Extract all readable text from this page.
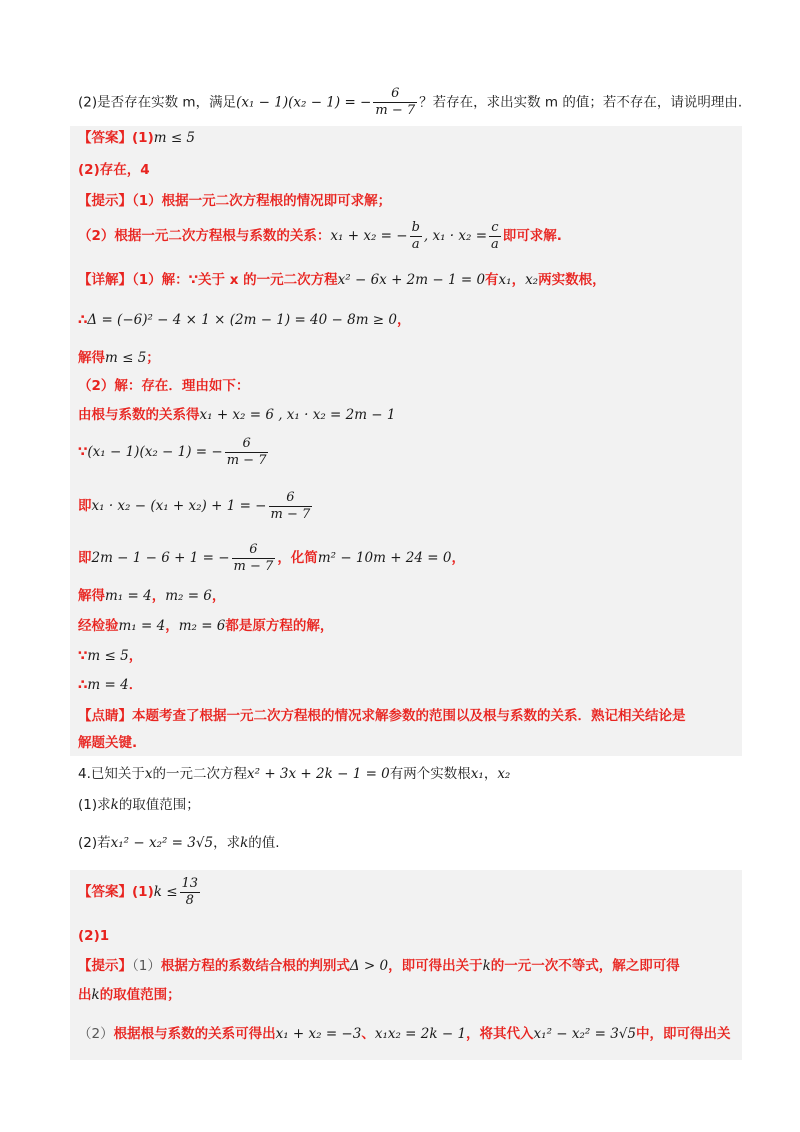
(2)是否存在实数 m，满足(x₁ − 1)(x₂ − 1) = − $\frac{6}{m - 7}$ ？若存在，求出实数 m 的值；若不存在，请说明理由.
【答案】(1)m ≤ 5
(2)存在，4
【提示】（1）根据一元二次方程根的情况即可求解；
（2）根据一元二次方程根与系数的关系：x₁ + x₂ = − $\frac{b}{a}$ , $x_1 \cdot x_2 = \frac{c}{a}$ 即可求解.
【详解】（1）解：∵关于 x 的一元二次方程x² − 6x + 2m − 1 = 0有x₁，x₂两实数根，
∴Δ = (−6)² − 4 × 1 × (2m − 1) = 40 − 8m ≥ 0，
解得m ≤ 5；
（2）解：存在．理由如下：
由根与系数的关系得x₁ + x₂ = 6 , x₁ · x₂ = 2m − 1
∵(x₁ − 1)(x₂ − 1) = − $\frac{6}{m - 7}$
即x₁ · x₂ − (x₁ + x₂) + 1 = − $\frac{6}{m - 7}$
即2m − 1 − 6 + 1 = − $\frac{6}{m - 7}$ ，化简m² − 10m + 24 = 0，
解得m₁ = 4，m₂ = 6，
经检验m₁ = 4，m₂ = 6都是原方程的解，
∵m ≤ 5，
∴m = 4．
【点睛】本题考查了根据一元二次方程根的情况求解参数的范围以及根与系数的关系．熟记相关结论是
解题关键.
4.已知关于x的一元二次方程x² + 3x + 2k − 1 = 0有两个实数根x₁，x₂
(1)求k的取值范围；
(2)若x₁² − x₂² = 3√5，求k的值.
【答案】$(1)k \le \frac{13}{8}$
(2)1
【提示】（1）根据方程的系数结合根的判别式Δ > 0，即可得出关于k的一元一次不等式，解之即可得
出k的取值范围；
（2）根据根与系数的关系可得出x₁ + x₂ = −3、x₁x₂ = 2k − 1，将其代入x₁² − x₂² = 3√5中，即可得出关
